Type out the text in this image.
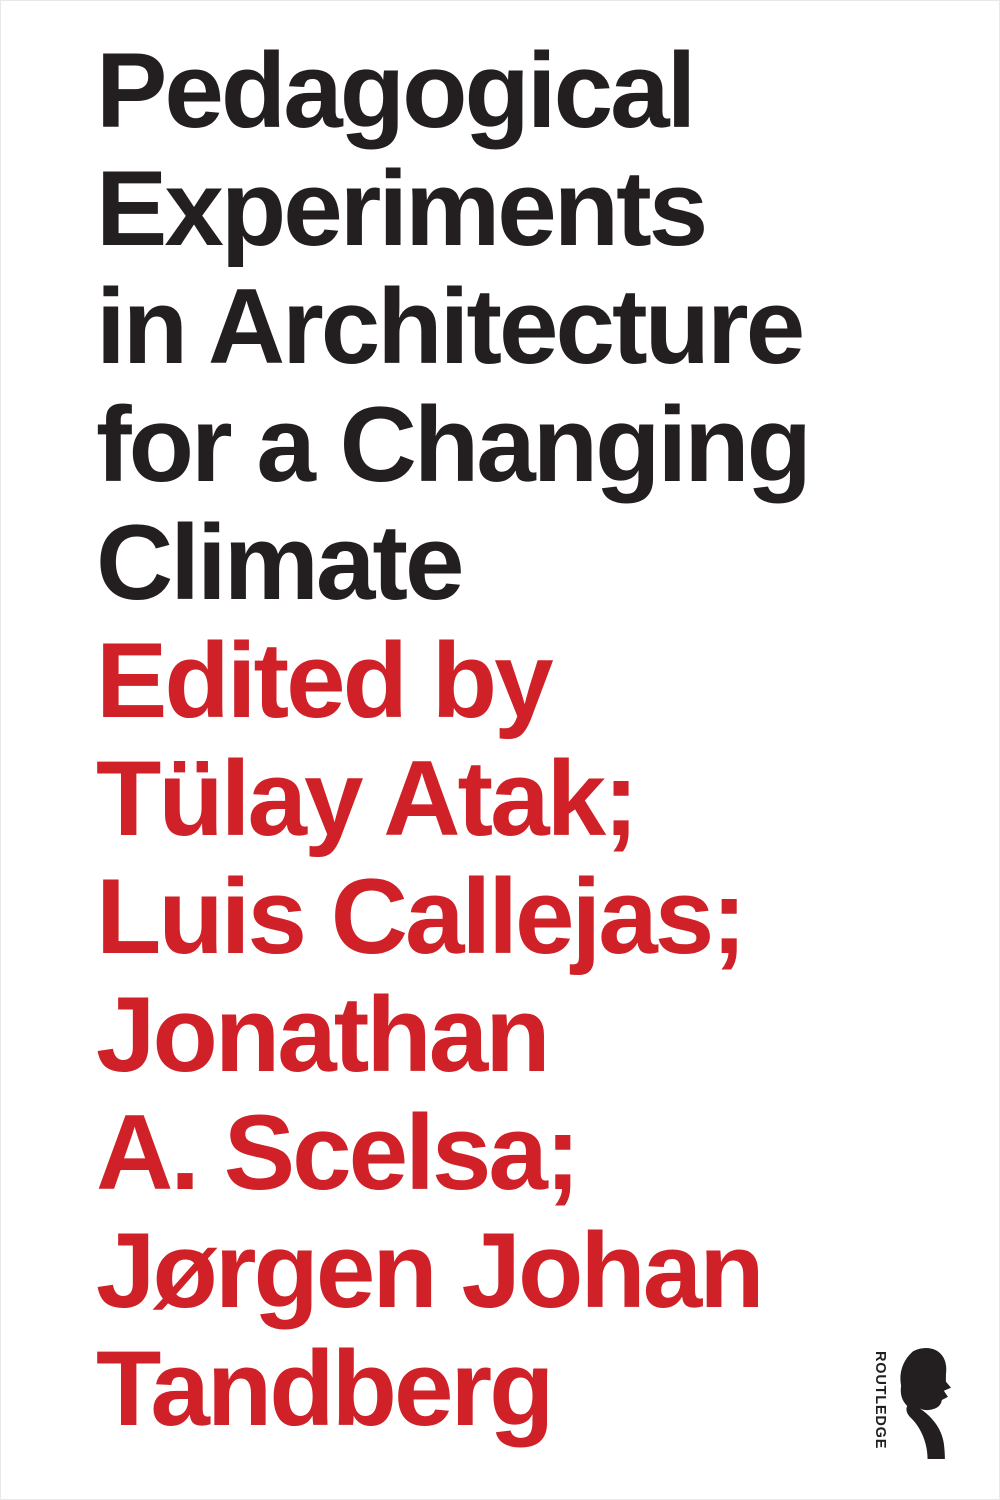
Pedagogical
Experiments
in Architecture
for a Changing
Climate
Edited by
Tülay Atak;
Luis Callejas;
Jonathan
A. Scelsa;
Jørgen Johan
Tandberg	ROUTLEDGE
